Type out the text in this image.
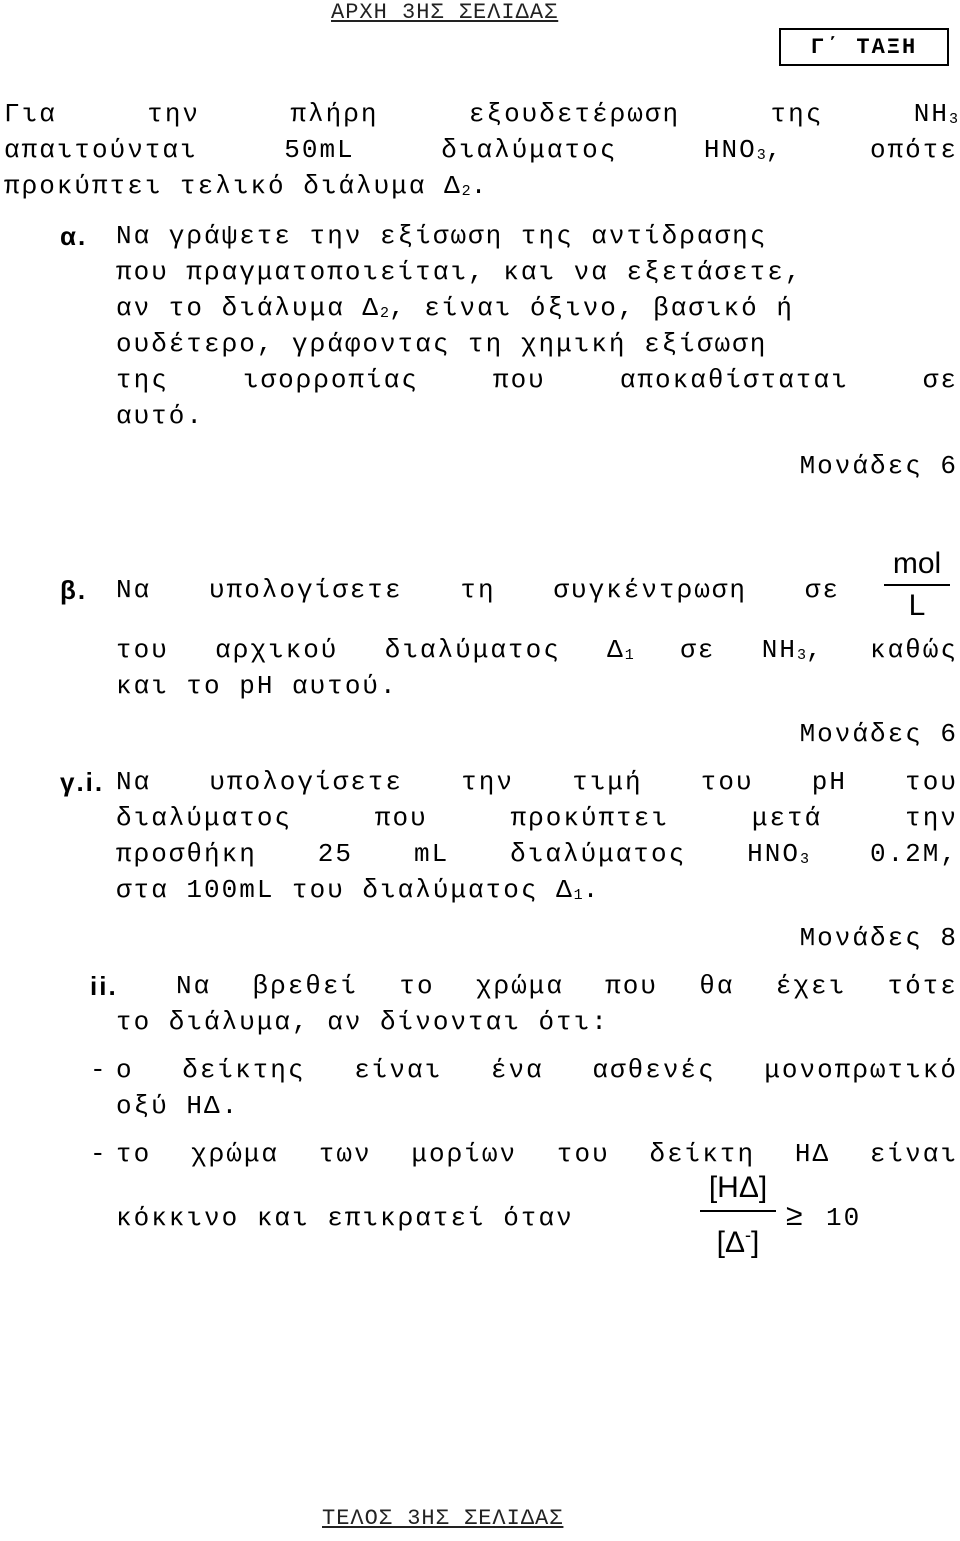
ΑΡΧΗ 3ΗΣ ΣΕΛΙΔΑΣ
Γ΄ ΤΑΞΗ
Για	την	πλήρη	εξουδετέρωση	της	NH3
απαιτούνται	50mL	διαλύματος	HNO3,	οπότε
προκύπτει τελικό διάλυμα Δ2.
α. Να γράψετε την εξίσωση της αντίδρασης
που πραγματοποιείται, και να εξετάσετε,
αν το διάλυμα Δ2, είναι όξινο, βασικό ή
ουδέτερο, γράφοντας τη χημική εξίσωση
της	ισορροπίας	που	αποκαθίσταται	σε
αυτό.
Μονάδες 6
β. Να υπολογίσετε τη συγκέντρωση σε
mol
L
του αρχικού διαλύματος Δ1 σε NH3, καθώς
και το pH αυτού.
Μονάδες 6
γ.i. Να υπολογίσετε την τιμή του pH του
διαλύματος	που	προκύπτει	μετά	την
προσθήκη 25 mL διαλύματος HNO3 0.2M,
στα 100mL του διαλύματος Δ1.
Μονάδες 8
ii. Να βρεθεί το χρώμα που θα έχει τότε
το διάλυμα, αν δίνονται ότι:
- ο δείκτης είναι ένα ασθενές μονοπρωτικό
οξύ ΗΔ.
- το χρώμα των μορίων του δείκτη ΗΔ είναι
κόκκινο και επικρατεί όταν
[HΔ]
[Δ-]
≥ 10
ΤΕΛΟΣ 3ΗΣ ΣΕΛΙΔΑΣ
